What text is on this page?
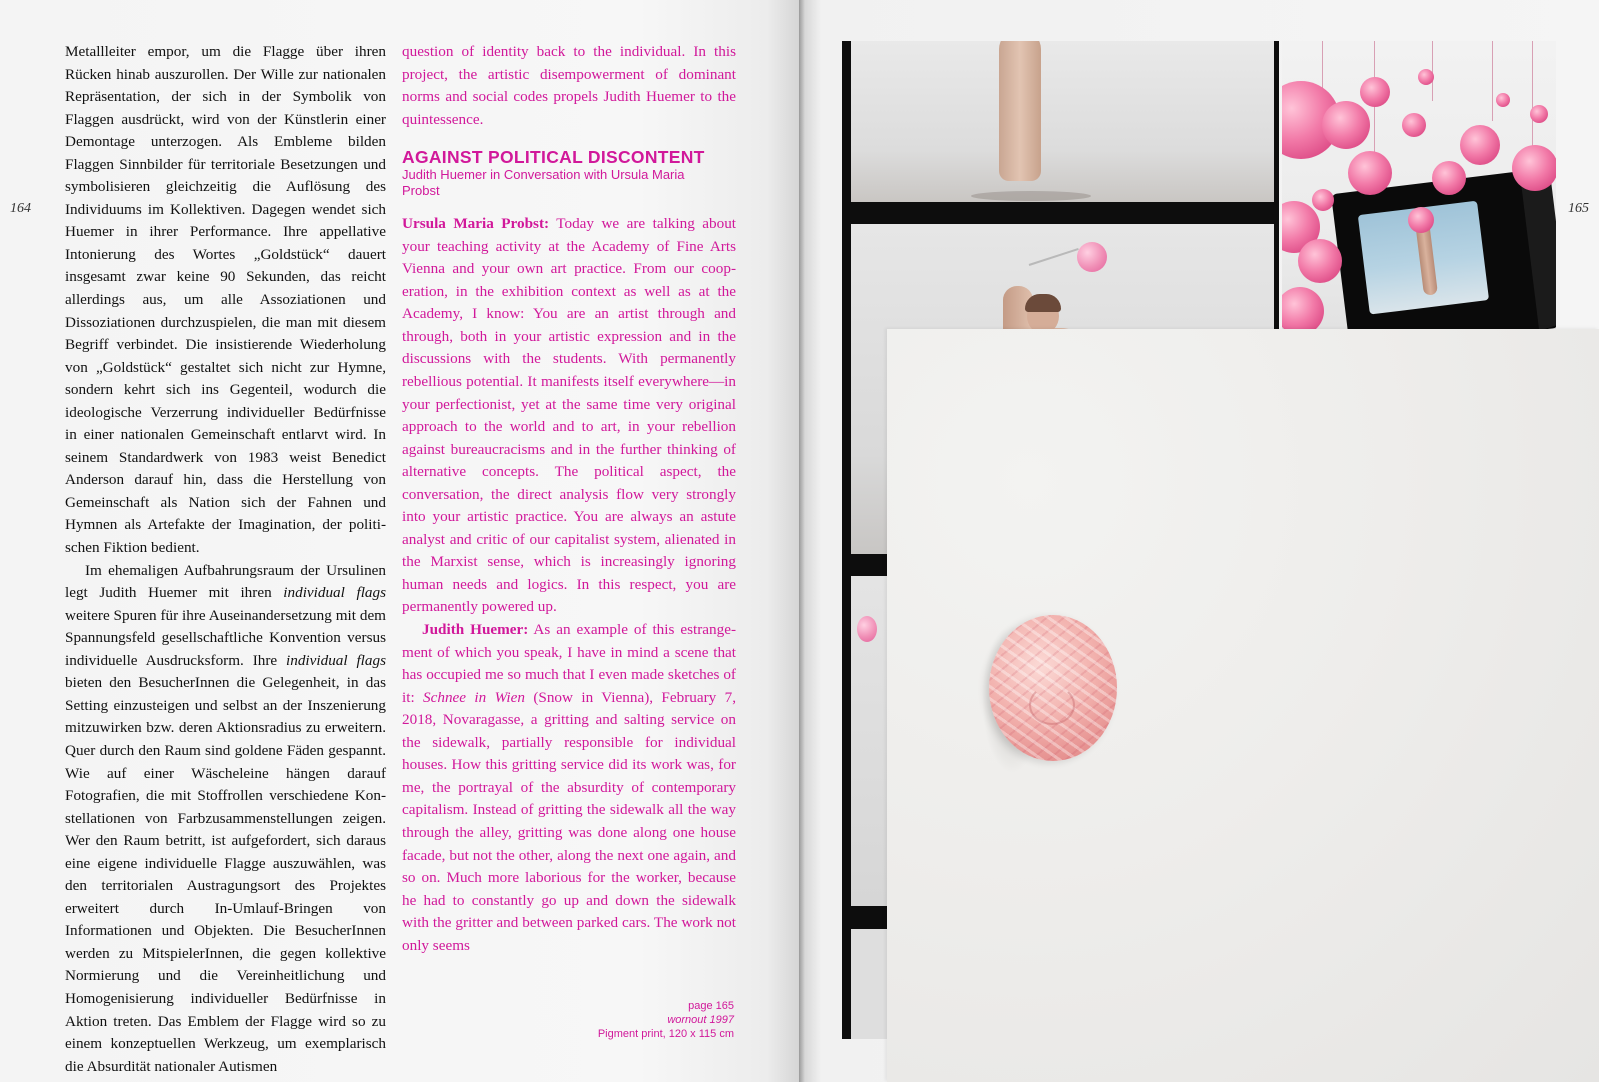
164

Metallleiter empor, um die Flagge über ihren Rücken hinab auszurollen. Der Wille zur nationalen Repräsentation, der sich in der Symbolik von Flaggen ausdrückt, wird von der Künstlerin einer Demontage unterzogen. Als Embleme bilden Flaggen Sinnbilder für territoriale Besetzungen und symbolisieren gleichzeitig die Auflösung des Individuums im Kollektiven. Dagegen wendet sich Huemer in ihrer Performance. Ihre appellative Intonierung des Wortes „Goldstück“ dauert insgesamt zwar keine 90 Sekunden, das reicht allerdings aus, um alle Assoziationen und Dissoziationen durchzuspielen, die man mit diesem Begriff verbindet. Die insistierende Wiederholung von „Goldstück“ gestaltet sich nicht zur Hymne, sondern kehrt sich ins Gegenteil, wodurch die ideologische Verzerrung individueller Bedürfnisse in einer nationalen Gemeinschaft entlarvt wird. In seinem Standardwerk von 1983 weist Benedict Anderson darauf hin, dass die Herstellung von Gemeinschaft als Nation sich der Fahnen und Hymnen als Artefakte der Imagination, der politischen Fiktion bedient.

Im ehemaligen Aufbahrungsraum der Ursulinen legt Judith Huemer mit ihren individual flags weitere Spuren für ihre Auseinandersetzung mit dem Spannungsfeld gesellschaftliche Konvention versus individuelle Ausdrucksform. Ihre individual flags bieten den BesucherInnen die Gelegenheit, in das Setting einzusteigen und selbst an der Inszenierung mitzuwirken bzw. deren Aktionsradius zu erweitern. Quer durch den Raum sind goldene Fäden gespannt. Wie auf einer Wäscheleine hängen darauf Fotografien, die mit Stoffrollen verschiedene Konstellationen von Farbzusammenstellungen zeigen. Wer den Raum betritt, ist aufgefordert, sich daraus eine eigene individuelle Flagge auszuwählen, was den territorialen Austragungsort des Projektes erweitert durch In-Umlauf-Bringen von Informationen und Objekten. Die BesucherInnen werden zu MitspielerInnen, die gegen kollektive Normierung und die Vereinheitlichung und Homogenisierung individueller Bedürfnisse in Aktion treten. Das Emblem der Flagge wird so zu einem konzeptuellen Werkzeug, um exemplarisch die Absurdität nationaler Autismen

question of identity back to the individual. In this project, the artistic disempowerment of dominant norms and social codes propels Judith Huemer to the quintessence.

AGAINST POLITICAL DISCONTENT
Judith Huemer in Conversation with Ursula Maria Probst

Ursula Maria Probst: Today we are talking about your teaching activity at the Academy of Fine Arts Vienna and your own art practice. From our cooperation, in the exhibition context as well as at the Academy, I know: You are an artist through and through, both in your artistic expression and in the discussions with the students. With permanently rebellious potential. It manifests itself everywhere—in your perfectionist, yet at the same time very original approach to the world and to art, in your rebellion against bureaucracisms and in the further thinking of alternative concepts. The political aspect, the conversation, the direct analysis flow very strongly into your artistic practice. You are always an astute analyst and critic of our capitalist system, alienated in the Marxist sense, which is increasingly ignoring human needs and logics. In this respect, you are permanently powered up.

Judith Huemer: As an example of this estrangement of which you speak, I have in mind a scene that has occupied me so much that I even made sketches of it: Schnee in Wien (Snow in Vienna), February 7, 2018, Novaragasse, a gritting and salting service on the sidewalk, partially responsible for individual houses. How this gritting service did its work was, for me, the portrayal of the absurdity of contemporary capitalism. Instead of gritting the sidewalk all the way through the alley, gritting was done along one house facade, but not the other, along the next one again, and so on. Much more laborious for the worker, because he had to constantly go up and down the sidewalk with the gritter and between parked cars. The work not only seems

page 165
wornout 1997
Pigment print, 120 x 115 cm
165
